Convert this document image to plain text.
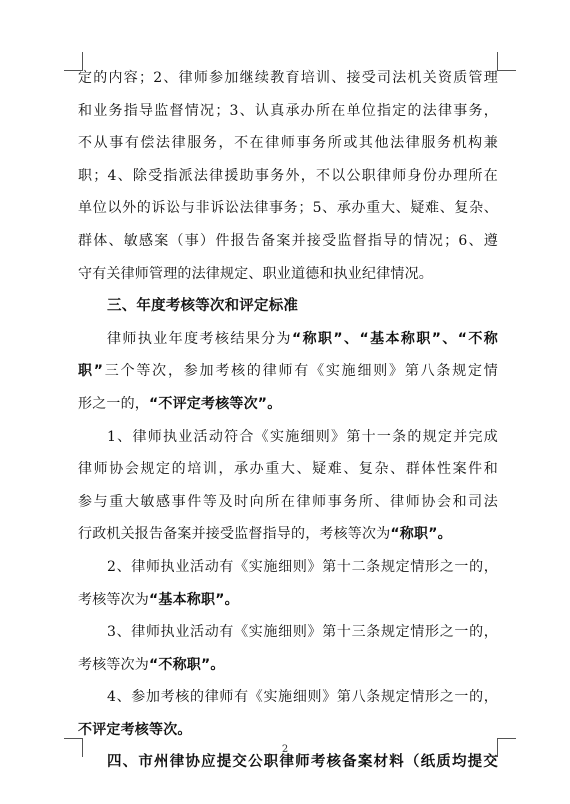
定的内容；2、律师参加继续教育培训、接受司法机关资质管理
和业务指导监督情况；3、认真承办所在单位指定的法律事务，
不从事有偿法律服务，不在律师事务所或其他法律服务机构兼
职；4、除受指派法律援助事务外，不以公职律师身份办理所在
单位以外的诉讼与非诉讼法律事务；5、承办重大、疑难、复杂、
群体、敏感案（事）件报告备案并接受监督指导的情况；6、遵
守有关律师管理的法律规定、职业道德和执业纪律情况。
三、年度考核等次和评定标准
律师执业年度考核结果分为“称职”、“基本称职”、“不称
职”三个等次，参加考核的律师有《实施细则》第八条规定情
形之一的，“不评定考核等次”。
1、律师执业活动符合《实施细则》第十一条的规定并完成
律师协会规定的培训，承办重大、疑难、复杂、群体性案件和
参与重大敏感事件等及时向所在律师事务所、律师协会和司法
行政机关报告备案并接受监督指导的，考核等次为“称职”。
2、律师执业活动有《实施细则》第十二条规定情形之一的，
考核等次为“基本称职”。
3、律师执业活动有《实施细则》第十三条规定情形之一的，
考核等次为“不称职”。
4、参加考核的律师有《实施细则》第八条规定情形之一的，
不评定考核等次。
四、市州律协应提交公职律师考核备案材料（纸质均提交
2
